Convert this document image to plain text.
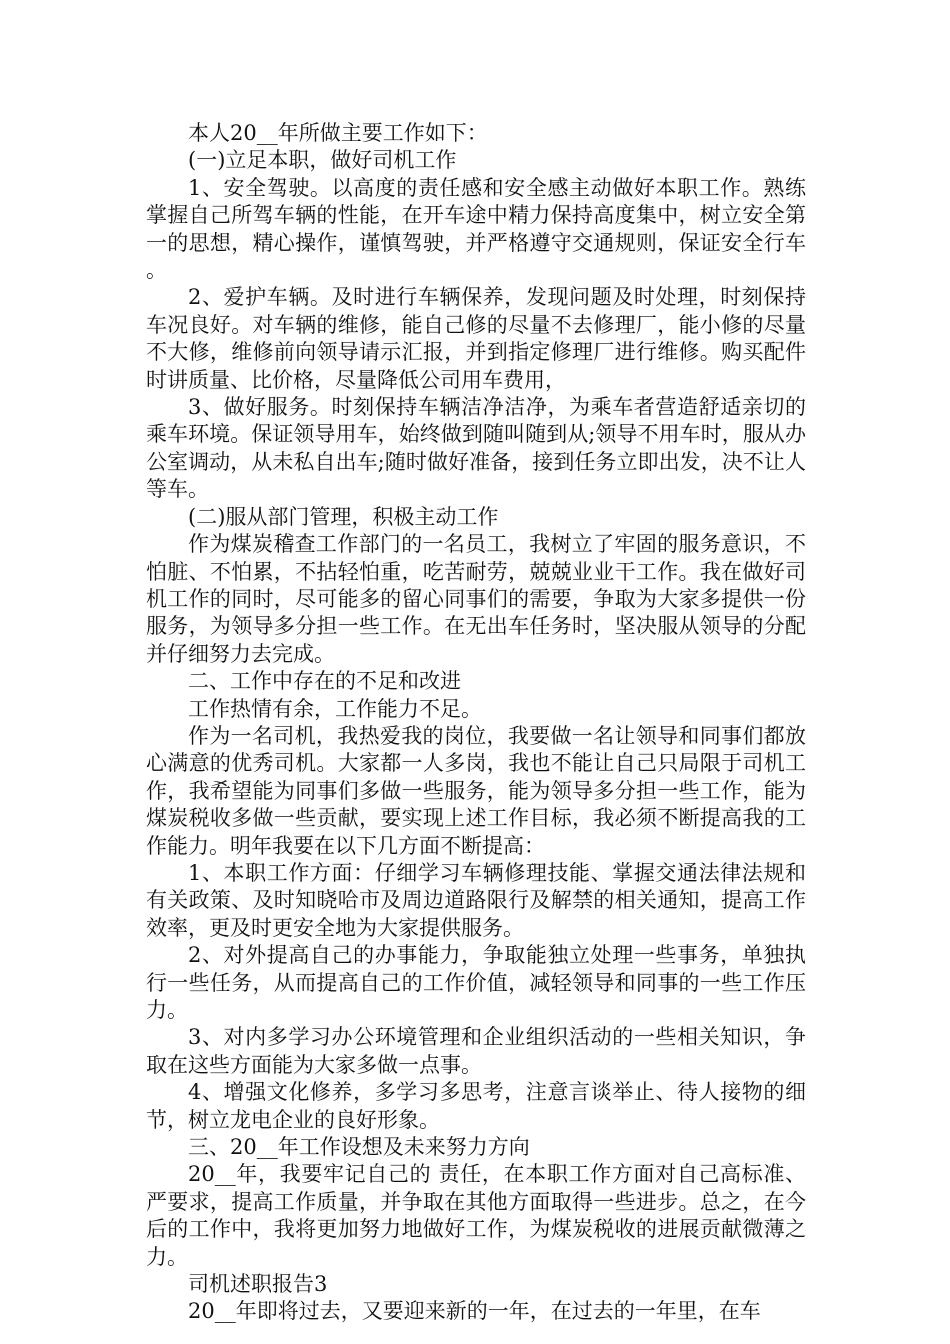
本人20__年所做主要工作如下：

(一)立足本职，做好司机工作

1、安全驾驶。以高度的责任感和安全感主动做好本职工作。熟练掌握自己所驾车辆的性能，在开车途中精力保持高度集中，树立安全第一的思想，精心操作，谨慎驾驶，并严格遵守交通规则，保证安全行车。

2、爱护车辆。及时进行车辆保养，发现问题及时处理，时刻保持车况良好。对车辆的维修，能自己修的尽量不去修理厂，能小修的尽量不大修，维修前向领导请示汇报，并到指定修理厂进行维修。购买配件时讲质量、比价格，尽量降低公司用车费用，

3、做好服务。时刻保持车辆洁净洁净，为乘车者营造舒适亲切的乘车环境。保证领导用车，始终做到随叫随到从;领导不用车时，服从办公室调动，从未私自出车;随时做好准备，接到任务立即出发，决不让人等车。

(二)服从部门管理，积极主动工作

作为煤炭稽查工作部门的一名员工，我树立了牢固的服务意识，不怕脏、不怕累，不拈轻怕重，吃苦耐劳，兢兢业业干工作。我在做好司机工作的同时，尽可能多的留心同事们的需要，争取为大家多提供一份服务，为领导多分担一些工作。在无出车任务时，坚决服从领导的分配并仔细努力去完成。

二、工作中存在的不足和改进

工作热情有余，工作能力不足。

作为一名司机，我热爱我的岗位，我要做一名让领导和同事们都放心满意的优秀司机。大家都一人多岗，我也不能让自己只局限于司机工作，我希望能为同事们多做一些服务，能为领导多分担一些工作，能为煤炭税收多做一些贡献，要实现上述工作目标，我必须不断提高我的工作能力。明年我要在以下几方面不断提高：

1、本职工作方面：仔细学习车辆修理技能、掌握交通法律法规和有关政策、及时知晓哈市及周边道路限行及解禁的相关通知，提高工作效率，更及时更安全地为大家提供服务。

2、对外提高自己的办事能力，争取能独立处理一些事务，单独执行一些任务，从而提高自己的工作价值，减轻领导和同事的一些工作压力。

3、对内多学习办公环境管理和企业组织活动的一些相关知识，争取在这些方面能为大家多做一点事。

4、增强文化修养，多学习多思考，注意言谈举止、待人接物的细节，树立龙电企业的良好形象。

三、20__年工作设想及未来努力方向

20__年，我要牢记自己的 责任，在本职工作方面对自己高标准、严要求，提高工作质量，并争取在其他方面取得一些进步。总之，在今后的工作中，我将更加努力地做好工作，为煤炭税收的进展贡献微薄之力。

司机述职报告3

20__年即将过去，又要迎来新的一年，在过去的一年里，在车
